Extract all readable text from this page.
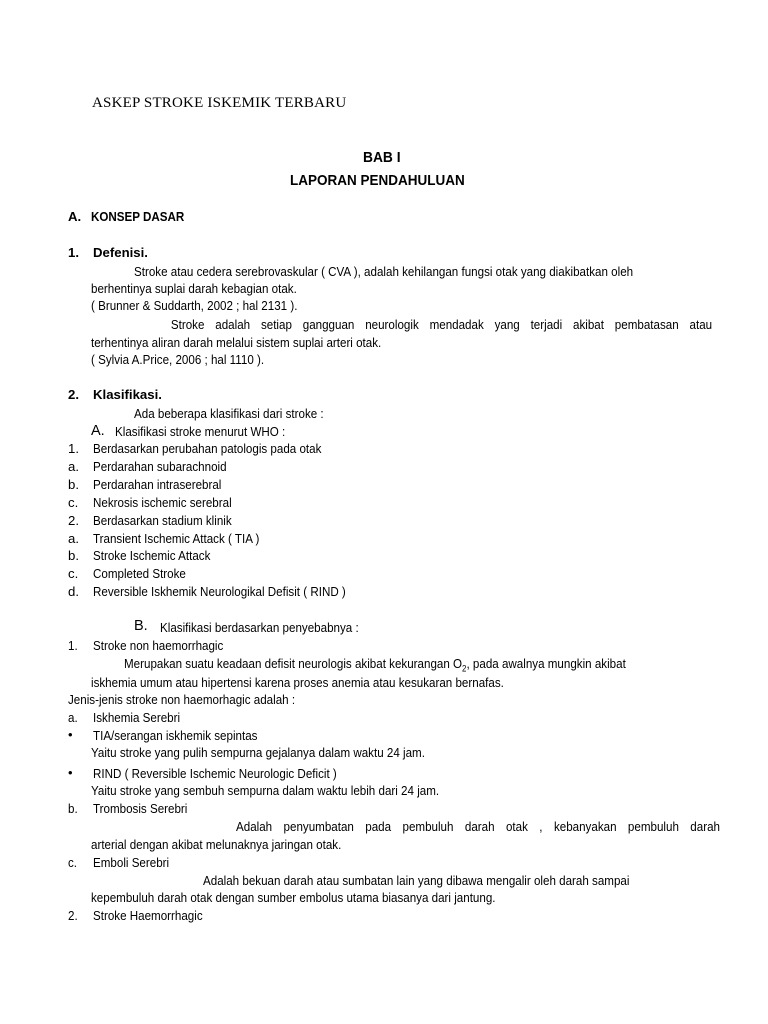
ASKEP STROKE ISKEMIK TERBARU
BAB I
LAPORAN PENDAHULUAN
A. KONSEP DASAR
1. Defenisi.
Stroke atau cedera serebrovaskular ( CVA ), adalah kehilangan fungsi otak yang diakibatkan oleh
berhentinya suplai darah kebagian otak.
( Brunner & Suddarth, 2002 ; hal 2131 ).
Stroke adalah setiap gangguan neurologik mendadak yang terjadi akibat pembatasan atau
terhentinya aliran darah melalui sistem suplai arteri otak.
( Sylvia A.Price, 2006 ; hal 1110 ).
2. Klasifikasi.
Ada beberapa klasifikasi dari stroke :
A. Klasifikasi stroke menurut WHO :
1. Berdasarkan perubahan patologis pada otak
a. Perdarahan subarachnoid
b. Perdarahan intraserebral
c. Nekrosis ischemic serebral
2. Berdasarkan stadium klinik
a. Transient Ischemic Attack ( TIA )
b. Stroke Ischemic Attack
c. Completed Stroke
d. Reversible Iskhemik Neurologikal Defisit ( RIND )
B. Klasifikasi berdasarkan penyebabnya :
1. Stroke non haemorrhagic
Merupakan suatu keadaan defisit neurologis akibat kekurangan $O_2$, pada awalnya mungkin akibat
iskhemia umum atau hipertensi karena proses anemia atau kesukaran bernafas.
Jenis-jenis stroke non haemorhagic adalah :
a. Iskhemia Serebri
• TIA/serangan iskhemik sepintas
Yaitu stroke yang pulih sempurna gejalanya dalam waktu 24 jam.
• RIND ( Reversible Ischemic Neurologic Deficit )
Yaitu stroke yang sembuh sempurna dalam waktu lebih dari 24 jam.
b. Trombosis Serebri
Adalah penyumbatan pada pembuluh darah otak , kebanyakan pembuluh darah
arterial dengan akibat melunaknya jaringan otak.
c. Emboli Serebri
Adalah bekuan darah atau sumbatan lain yang dibawa mengalir oleh darah sampai
kepembuluh darah otak dengan sumber embolus utama biasanya dari jantung.
2. Stroke Haemorrhagic
